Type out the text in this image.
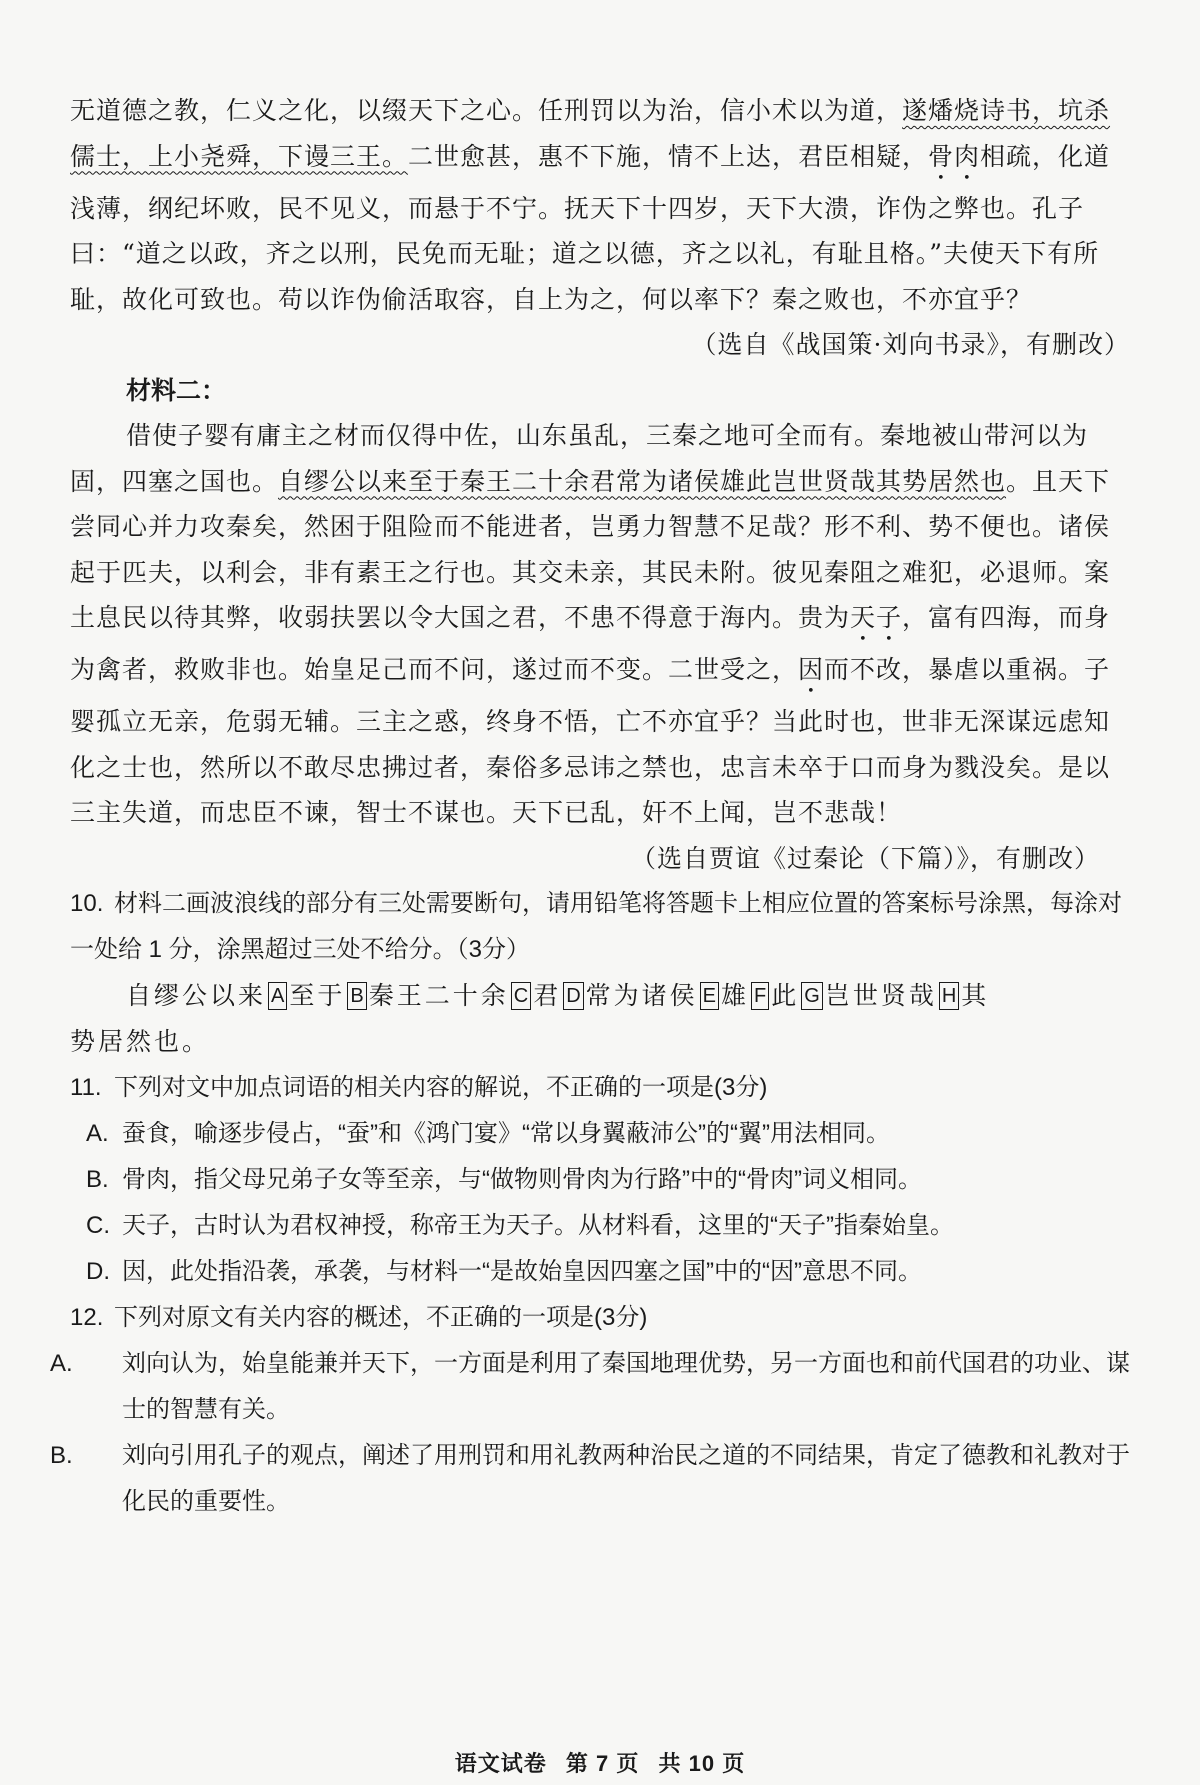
无道德之教，仁义之化，以缀天下之心。任刑罚以为治，信小术以为道，遂燔烧诗书，坑杀儒士，上小尧舜，下谩三王。二世愈甚，惠不下施，情不上达，君臣相疑，骨肉相疏，化道浅薄，纲纪坏败，民不见义，而悬于不宁。抚天下十四岁，天下大溃，诈伪之弊也。孔子曰：“道之以政，齐之以刑，民免而无耻；道之以德，齐之以礼，有耻且格。”夫使天下有所耻，故化可致也。苟以诈伪偷活取容，自上为之，何以率下？秦之败也，不亦宜乎？

（选自《战国策·刘向书录》，有删改）

材料二：

借使子婴有庸主之材而仅得中佐，山东虽乱，三秦之地可全而有。秦地被山带河以为固，四塞之国也。自缪公以来至于秦王二十余君常为诸侯雄此岂世贤哉其势居然也。且天下尝同心并力攻秦矣，然困于阻险而不能进者，岂勇力智慧不足哉？形不利、势不便也。诸侯起于匹夫，以利会，非有素王之行也。其交未亲，其民未附。彼见秦阻之难犯，必退师。案土息民以待其弊，收弱扶罢以令大国之君，不患不得意于海内。贵为天子，富有四海，而身为禽者，救败非也。始皇足己而不问，遂过而不变。二世受之，因而不改，暴虐以重祸。子婴孤立无亲，危弱无辅。三主之惑，终身不悟，亡不亦宜乎？当此时也，世非无深谋远虑知化之士也，然所以不敢尽忠拂过者，秦俗多忌讳之禁也，忠言未卒于口而身为戮没矣。是以三主失道，而忠臣不谏，智士不谋也。天下已乱，奸不上闻，岂不悲哉！

（选自贾谊《过秦论（下篇）》，有删改）

10. 材料二画波浪线的部分有三处需要断句，请用铅笔将答题卡上相应位置的答案标号涂黑，每涂对一处给 1 分，涂黑超过三处不给分。（3分）

自缪公以来 A 至于 B 秦王二十余 C 君 D 常为诸侯 E 雄 F 此 G 岂世贤哉 H 其

势居然也。

11. 下列对文中加点词语的相关内容的解说，不正确的一项是(3分)

A. 蚕食，喻逐步侵占，“蚕”和《鸿门宴》“常以身翼蔽沛公”的“翼”用法相同。

B. 骨肉，指父母兄弟子女等至亲，与“做物则骨肉为行路”中的“骨肉”词义相同。

C. 天子，古时认为君权神授，称帝王为天子。从材料看，这里的“天子”指秦始皇。

D. 因，此处指沿袭，承袭，与材料一“是故始皇因四塞之国”中的“因”意思不同。

12. 下列对原文有关内容的概述，不正确的一项是(3分)

A. 刘向认为，始皇能兼并天下，一方面是利用了秦国地理优势，另一方面也和前代国君的功业、谋士的智慧有关。

B. 刘向引用孔子的观点，阐述了用刑罚和用礼教两种治民之道的不同结果，肯定了德教和礼教对于化民的重要性。

语文试卷 第 7 页 共 10 页
